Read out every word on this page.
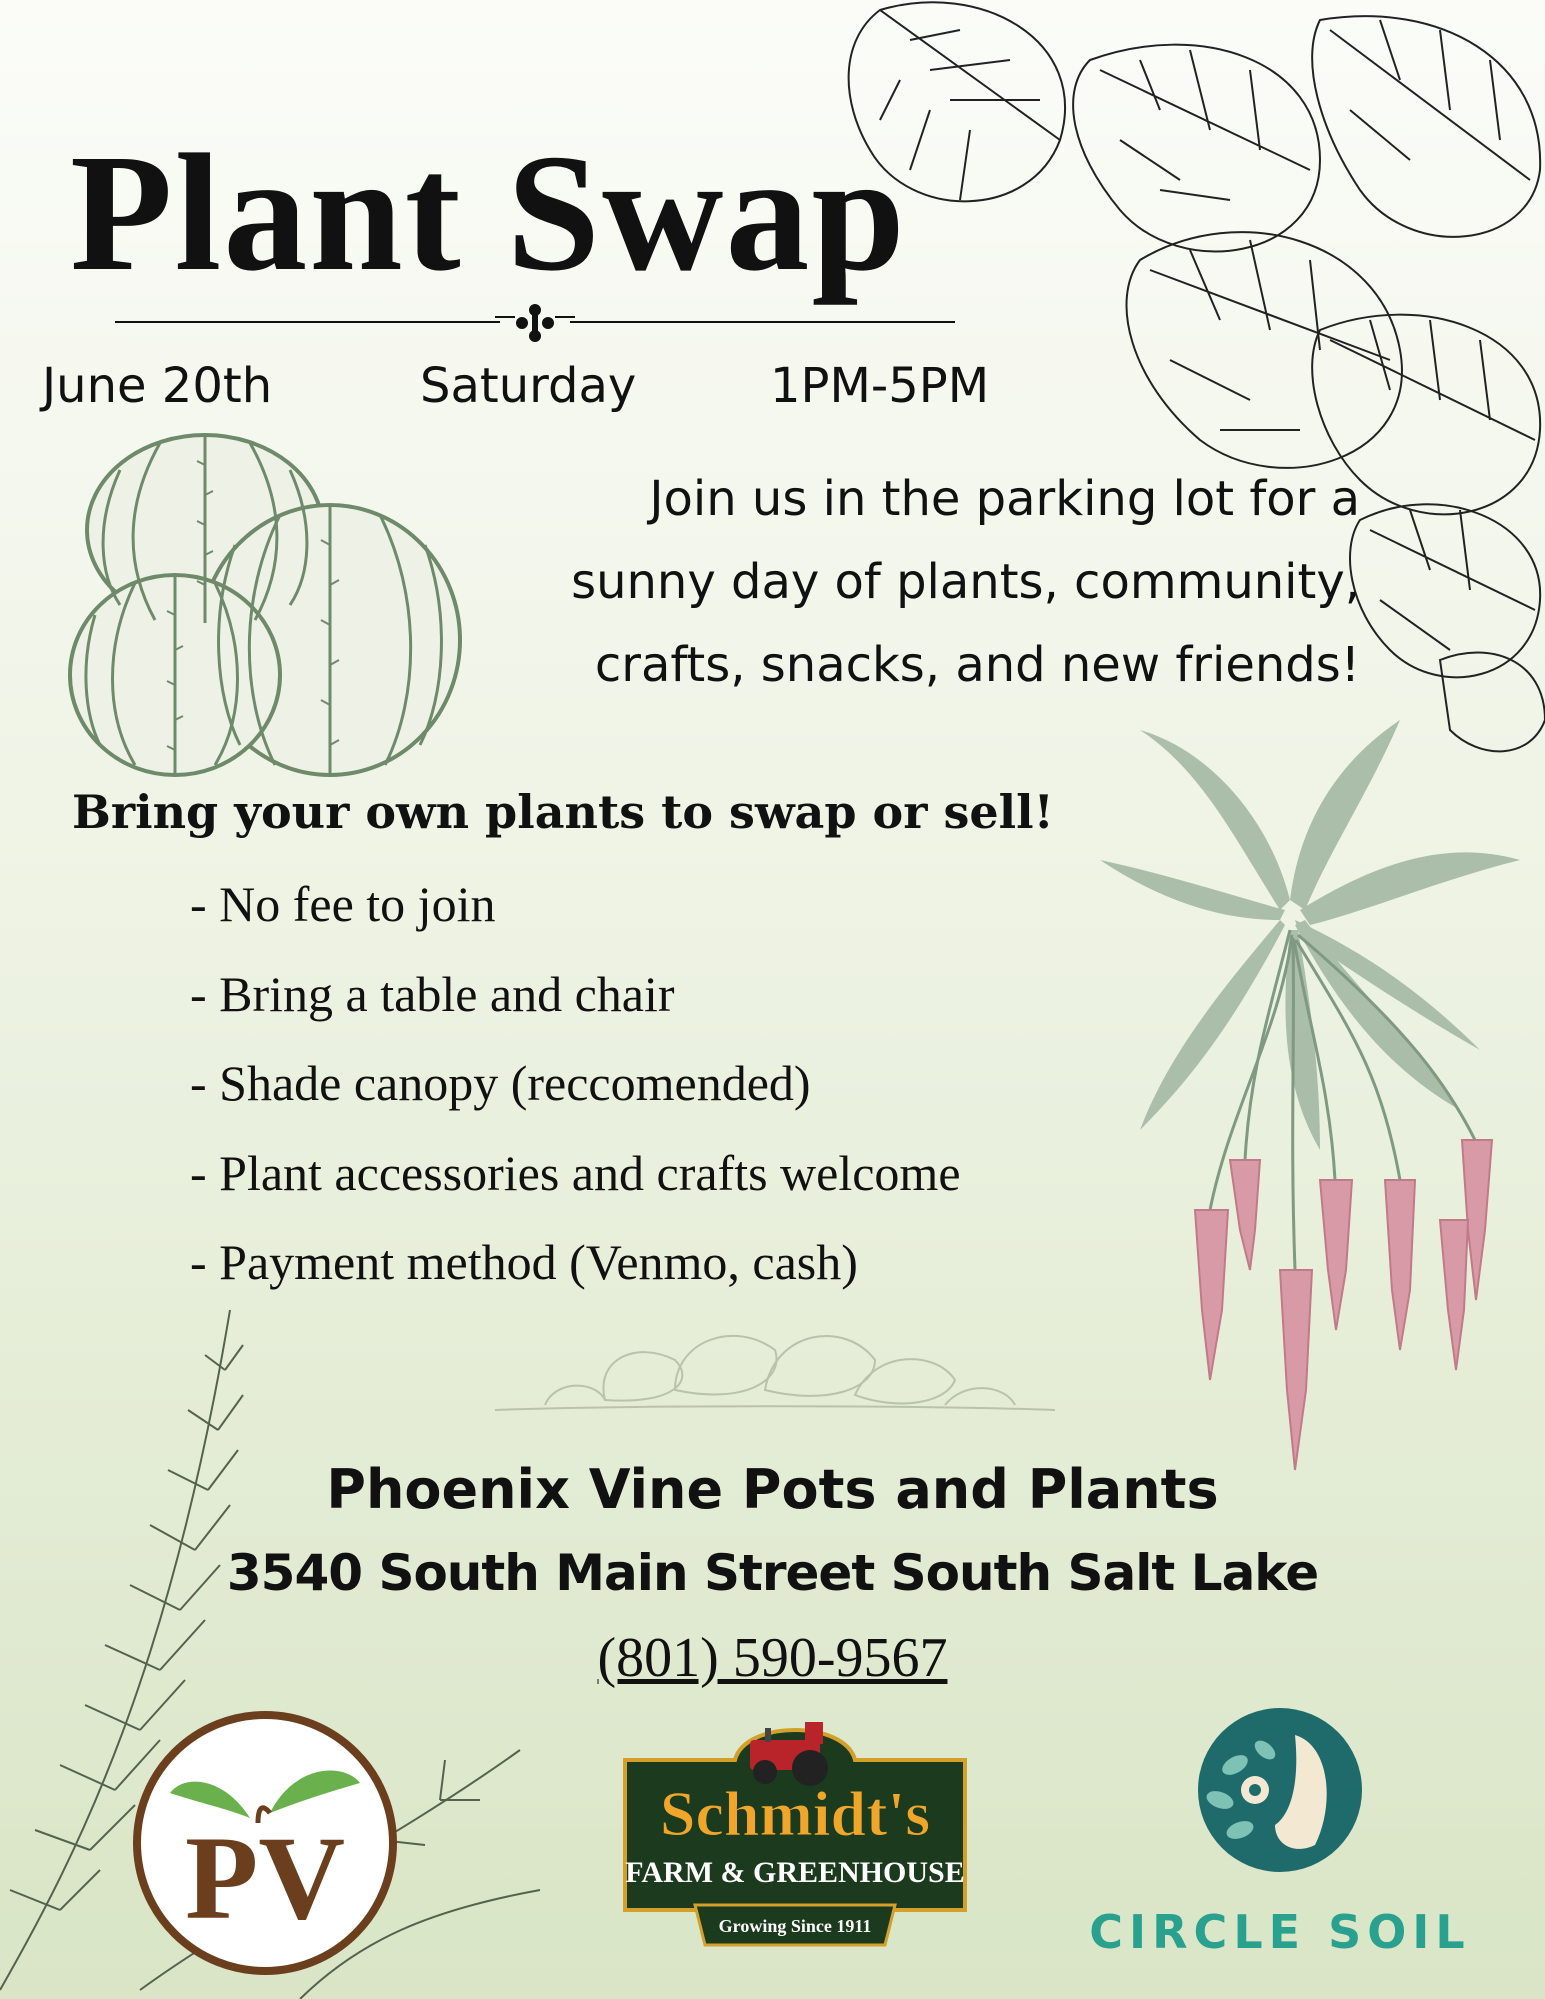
Plant Swap
June 20th	Saturday	1PM-5PM
Join us in the parking lot for a
sunny day of plants, community,
crafts, snacks, and new friends!
Bring your own plants to swap or sell!
- No fee to join
- Bring a table and chair
- Shade canopy (reccomended)
- Plant accessories and crafts welcome
- Payment method (Venmo, cash)
Phoenix Vine Pots and Plants
3540 South Main Street South Salt Lake
(801) 590-9567
PV	Schmidt's
FARM & GREENHOUSE
Growing Since 1911	CIRCLE SOIL
